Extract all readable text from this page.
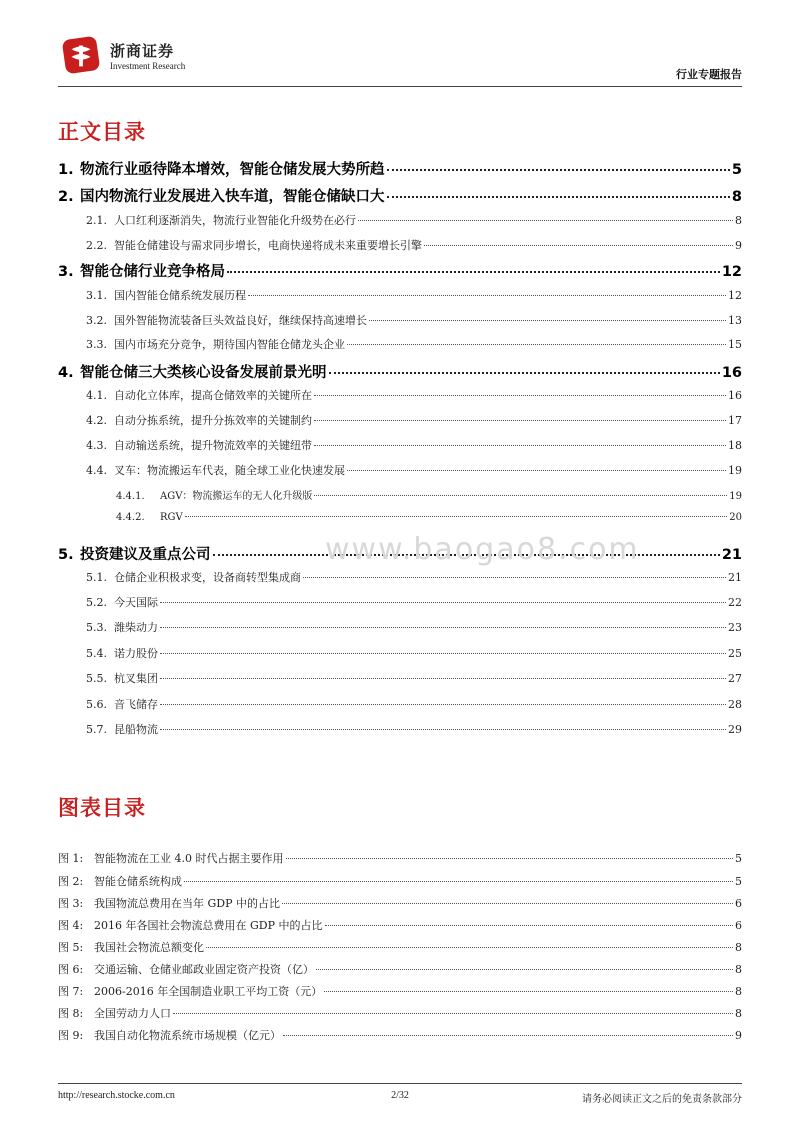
浙商证券
Investment Research
行业专题报告
正文目录
1. 物流行业亟待降本增效，智能仓储发展大势所趋	5
2. 国内物流行业发展进入快车道，智能仓储缺口大	8
2.1. 人口红利逐渐消失，物流行业智能化升级势在必行	8
2.2. 智能仓储建设与需求同步增长，电商快递将成未来重要增长引擎	9
3. 智能仓储行业竞争格局	12
3.1. 国内智能仓储系统发展历程	12
3.2. 国外智能物流装备巨头效益良好，继续保持高速增长	13
3.3. 国内市场充分竞争，期待国内智能仓储龙头企业	15
4. 智能仓储三大类核心设备发展前景光明	16
4.1. 自动化立体库，提高仓储效率的关键所在	16
4.2. 自动分拣系统，提升分拣效率的关键制约	17
4.3. 自动输送系统，提升物流效率的关键纽带	18
4.4. 叉车：物流搬运车代表，随全球工业化快速发展	19
4.4.1.	AGV：物流搬运车的无人化升级版	19
4.4.2.	RGV	20
5. 投资建议及重点公司	21
5.1. 仓储企业积极求变，设备商转型集成商	21
5.2. 今天国际	22
5.3. 潍柴动力	23
5.4. 诺力股份	25
5.5. 杭叉集团	27
5.6. 音飞储存	28
5.7. 昆船物流	29
www.baogao8.com
图表目录
图 1: 智能物流在工业 4.0 时代占据主要作用	5
图 2: 智能仓储系统构成	5
图 3: 我国物流总费用在当年 GDP 中的占比	6
图 4: 2016 年各国社会物流总费用在 GDP 中的占比	6
图 5: 我国社会物流总额变化	8
图 6: 交通运输、仓储业邮政业固定资产投资（亿）	8
图 7: 2006-2016 年全国制造业职工平均工资（元）	8
图 8: 全国劳动力人口	8
图 9: 我国自动化物流系统市场规模（亿元）	9
http://research.stocke.com.cn	2/32	请务必阅读正文之后的免责条款部分
